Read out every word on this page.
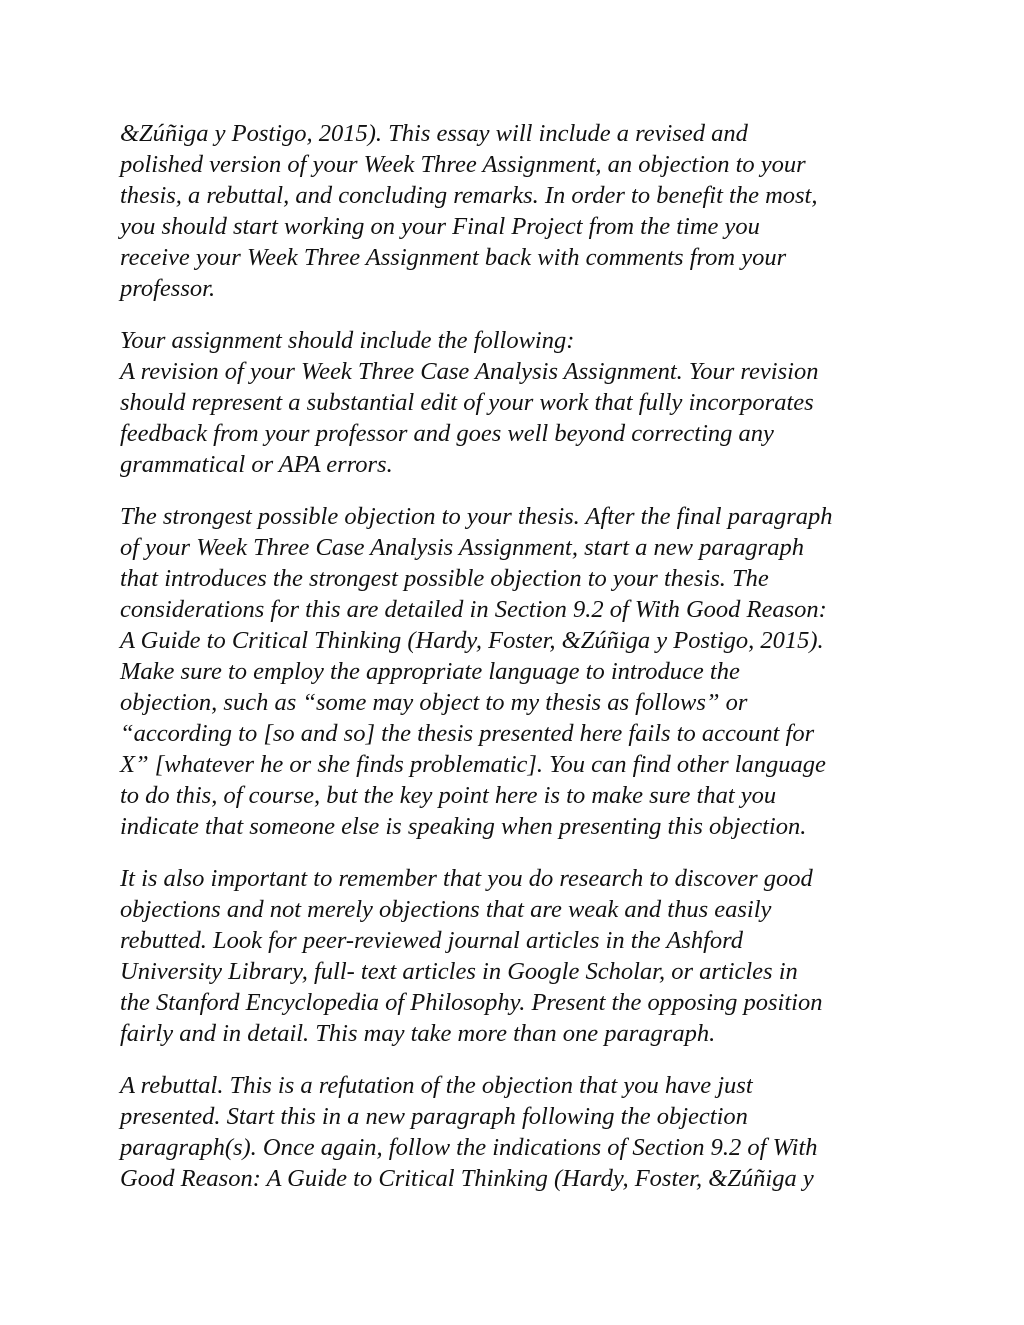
&Zúñiga y Postigo, 2015). This essay will include a revised and
polished version of your Week Three Assignment, an objection to your
thesis, a rebuttal, and concluding remarks. In order to benefit the most,
you should start working on your Final Project from the time you
receive your Week Three Assignment back with comments from your
professor.

Your assignment should include the following:
A revision of your Week Three Case Analysis Assignment. Your revision
should represent a substantial edit of your work that fully incorporates
feedback from your professor and goes well beyond correcting any
grammatical or APA errors.

The strongest possible objection to your thesis. After the final paragraph
of your Week Three Case Analysis Assignment, start a new paragraph
that introduces the strongest possible objection to your thesis. The
considerations for this are detailed in Section 9.2 of With Good Reason:
A Guide to Critical Thinking (Hardy, Foster, &Zúñiga y Postigo, 2015).
Make sure to employ the appropriate language to introduce the
objection, such as “some may object to my thesis as follows” or
“according to [so and so] the thesis presented here fails to account for
X” [whatever he or she finds problematic]. You can find other language
to do this, of course, but the key point here is to make sure that you
indicate that someone else is speaking when presenting this objection.

It is also important to remember that you do research to discover good
objections and not merely objections that are weak and thus easily
rebutted. Look for peer-reviewed journal articles in the Ashford
University Library, full- text articles in Google Scholar, or articles in
the Stanford Encyclopedia of Philosophy. Present the opposing position
fairly and in detail. This may take more than one paragraph.

A rebuttal. This is a refutation of the objection that you have just
presented. Start this in a new paragraph following the objection
paragraph(s). Once again, follow the indications of Section 9.2 of With
Good Reason: A Guide to Critical Thinking (Hardy, Foster, &Zúñiga y
